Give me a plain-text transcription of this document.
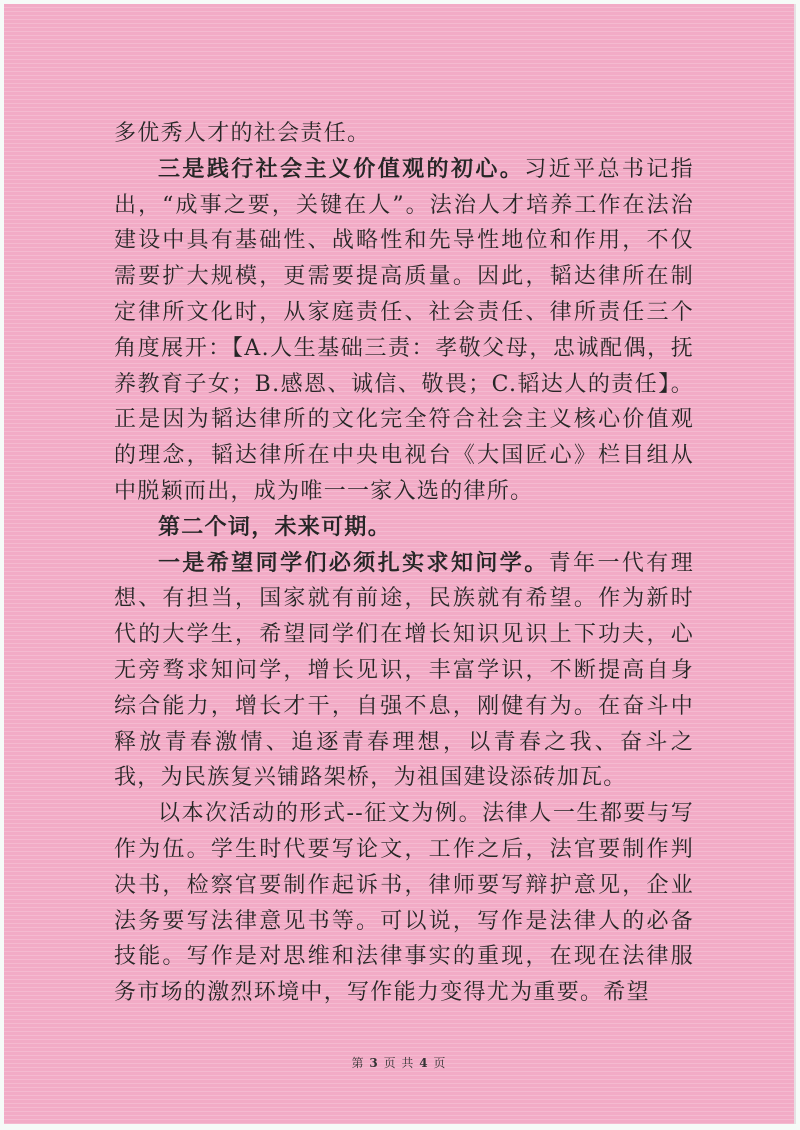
多优秀人才的社会责任。

三是践行社会主义价值观的初心。习近平总书记指出，“成事之要，关键在人”。法治人才培养工作在法治建设中具有基础性、战略性和先导性地位和作用，不仅需要扩大规模，更需要提高质量。因此，韬达律所在制定律所文化时，从家庭责任、社会责任、律所责任三个角度展开：【A.人生基础三责：孝敬父母，忠诚配偶，抚养教育子女；B.感恩、诚信、敬畏；C.韬达人的责任】。正是因为韬达律所的文化完全符合社会主义核心价值观的理念，韬达律所在中央电视台《大国匠心》栏目组从中脱颖而出，成为唯一一家入选的律所。

第二个词，未来可期。

一是希望同学们必须扎实求知问学。青年一代有理想、有担当，国家就有前途，民族就有希望。作为新时代的大学生，希望同学们在增长知识见识上下功夫，心无旁骛求知问学，增长见识，丰富学识，不断提高自身综合能力，增长才干，自强不息，刚健有为。在奋斗中释放青春激情、追逐青春理想，以青春之我、奋斗之我，为民族复兴铺路架桥，为祖国建设添砖加瓦。

以本次活动的形式--征文为例。法律人一生都要与写作为伍。学生时代要写论文，工作之后，法官要制作判决书，检察官要制作起诉书，律师要写辩护意见，企业法务要写法律意见书等。可以说，写作是法律人的必备技能。写作是对思维和法律事实的重现，在现在法律服务市场的激烈环境中，写作能力变得尤为重要。希望

第 3 页 共 4 页
